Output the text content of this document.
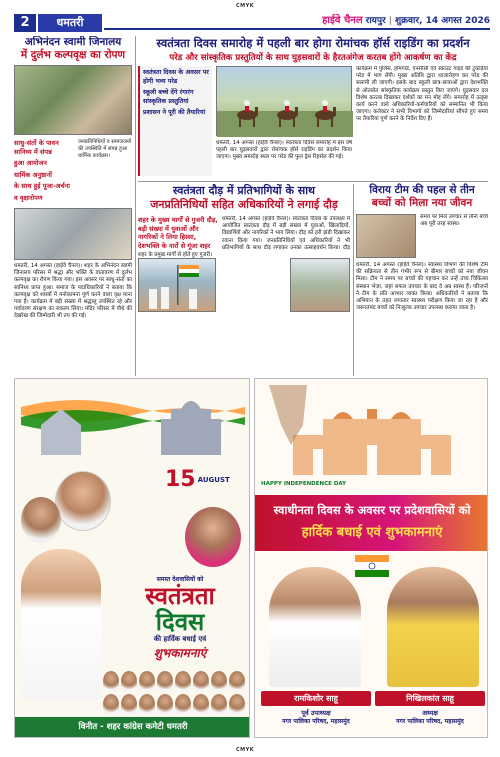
CMYK
2	धमतरी	हाईवे चैनल रायपुर | शुक्रवार, 14 अगस्त 2026
अभिनंदन स्वामी जिनालय
में दुर्लभ कल्पवृक्ष का रोपण
साधु-संतों के पावन सानिध्य में संपन्न
हुआ आयोजन
धार्मिक अनुष्ठानों
के साथ हुई पूजा-अर्चना
व वृक्षारोपण
जनप्रतिनिधियों व समाजजनों की उपस्थिति में संपन्न हुआ धार्मिक कार्यक्रम।
धमतरी, 14 अगस्त (हाईवे चैनल)। शहर के अभिनंदन स्वामी जिनालय परिसर में श्रद्धा और भक्ति के वातावरण में दुर्लभ कल्पवृक्ष का रोपण किया गया। इस अवसर पर साधु-संतों का सानिध्य प्राप्त हुआ। समाज के पदाधिकारियों ने बताया कि कल्पवृक्ष को शास्त्रों में मनोकामना पूर्ण करने वाला वृक्ष माना गया है। कार्यक्रम में बड़ी संख्या में श्रद्धालु उपस्थित रहे और पर्यावरण संरक्षण का संकल्प लिया। मंदिर परिसर में पौधे की देखरेख की जिम्मेदारी भी तय की गई।
स्वतंत्रता दिवस समारोह में पहली बार होगा रोमांचक हॉर्स राइडिंग का प्रदर्शन
परेड और सांस्कृतिक प्रस्तुतियों के साथ घुड़सवारों के हैरतअंगेज करतब होंगे आकर्षण का केंद्र
स्वतंत्रता दिवस के अवसर पर होगी भव्य परेड
स्कूली बच्चे देंगे रंगारंग सांस्कृतिक प्रस्तुतियां
प्रशासन ने पूरी की तैयारियां
धमतरी, 14 अगस्त (हाईवे चैनल)। स्वतंत्रता दिवस समारोह में इस वर्ष पहली बार घुड़सवारों द्वारा रोमांचक हॉर्स राइडिंग का प्रदर्शन किया जाएगा। मुख्य समारोह स्थल पर परेड की फुल ड्रेस रिहर्सल की गई।
कार्यक्रम में पुलिस, होमगार्ड, एनसीसी एवं स्काउट गाइड की टुकड़ियां परेड में भाग लेंगी। मुख्य अतिथि द्वारा ध्वजारोहण कर परेड की सलामी ली जाएगी। इसके बाद स्कूली छात्र-छात्राओं द्वारा देशभक्ति से ओतप्रोत सांस्कृतिक कार्यक्रम प्रस्तुत किए जाएंगे। घुड़सवार दल विशेष करतब दिखाकर दर्शकों का मन मोह लेंगे। समारोह में उत्कृष्ट कार्य करने वाले अधिकारियों-कर्मचारियों को सम्मानित भी किया जाएगा। कलेक्टर ने सभी विभागों को जिम्मेदारियां सौंपते हुए समय पर तैयारियां पूर्ण करने के निर्देश दिए हैं।
स्वतंत्रता दौड़ में प्रतिभागियों के साथ
जनप्रतिनिधियों सहित अधिकारियों ने लगाई दौड़
शहर के मुख्य मार्गों से गुजरी दौड़, बड़ी संख्या में युवाओं और नागरिकों ने लिया हिस्सा, देशभक्ति के नारों से गूंजा शहर
धमतरी, 14 अगस्त (हाईवे चैनल)। स्वतंत्रता दिवस के उपलक्ष्य में आयोजित स्वतंत्रता दौड़ में बड़ी संख्या में युवाओं, खिलाड़ियों, विद्यार्थियों और नागरिकों ने भाग लिया। दौड़ को हरी झंडी दिखाकर रवाना किया गया। जनप्रतिनिधियों एवं अधिकारियों ने भी प्रतिभागियों के साथ दौड़ लगाकर उनका उत्साहवर्धन किया। दौड़ शहर के प्रमुख मार्गों से होते हुए गुजरी।
विराय टीम की पहल से तीन
बच्चों को मिला नया जीवन
समय पर मिले उपचार से तीनों बच्चे अब पूरी तरह स्वस्थ।
धमतरी, 14 अगस्त (हाईवे चैनल)। स्वास्थ्य विभाग की विशेष टीम की सक्रियता से तीन गंभीर रूप से बीमार बच्चों को नया जीवन मिला। टीम ने समय पर बच्चों की पहचान कर उन्हें उच्च चिकित्सा संस्थान भेजा, जहां सफल उपचार के बाद वे अब स्वस्थ हैं। परिजनों ने टीम के प्रति आभार व्यक्त किया। अधिकारियों ने बताया कि अभियान के तहत लगातार स्वास्थ्य परीक्षण किया जा रहा है और जरूरतमंद बच्चों को निःशुल्क उपचार उपलब्ध कराया जाता है।
15 $^{AUGUST}$
समस्त देशवासियों को
स्वतंत्रता
दिवस
की हार्दिक बधाई एवं
शुभकामनाएं
विनीत - शहर कांग्रेस कमेटी धमतरी
HAPPY INDEPENDENCE DAY
स्वाधीनता दिवस के अवसर पर प्रदेशवासियों को
हार्दिक बधाई एवं शुभकामनाएं
रामकिशोर साहू
पूर्व उपाध्यक्ष
नगर पालिका परिषद, महासमुंद
निखिलकांत साहू
अध्यक्ष
नगर पालिका परिषद, महासमुंद
CMYK
